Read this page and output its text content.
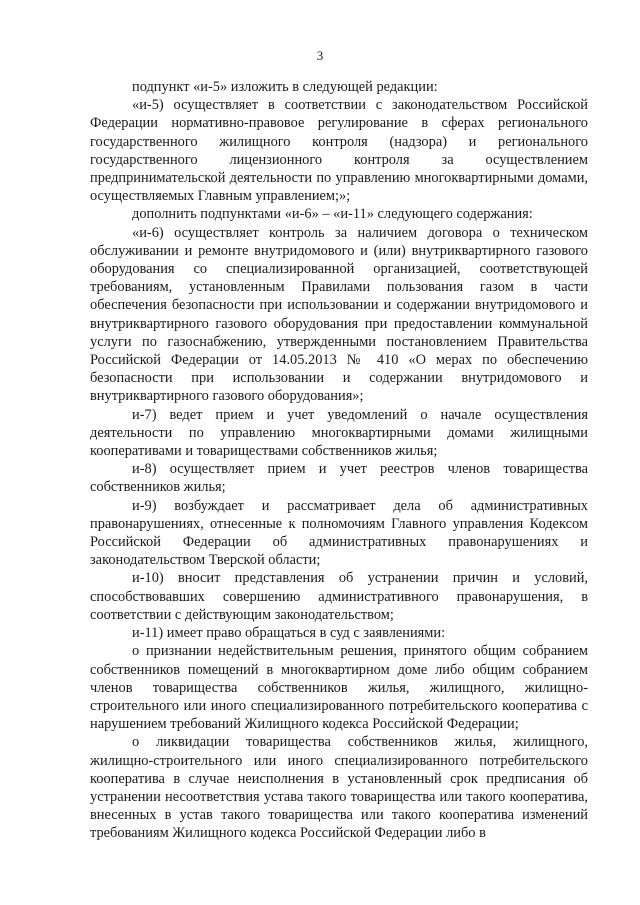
3

подпункт «и-5» изложить в следующей редакции:

«и-5) осуществляет в соответствии с законодательством Российской Федерации нормативно-правовое регулирование в сферах регионального государственного жилищного контроля (надзора) и регионального государственного лицензионного контроля за осуществлением предпринимательской деятельности по управлению многоквартирными домами, осуществляемых Главным управлением;»;

дополнить подпунктами «и-6» – «и-11» следующего содержания:

«и-6) осуществляет контроль за наличием договора о техническом обслуживании и ремонте внутридомового и (или) внутриквартирного газового оборудования со специализированной организацией, соответствующей требованиям, установленным Правилами пользования газом в части обеспечения безопасности при использовании и содержании внутридомового и внутриквартирного газового оборудования при предоставлении коммунальной услуги по газоснабжению, утвержденными постановлением Правительства Российской Федерации от 14.05.2013 № 410 «О мерах по обеспечению безопасности при использовании и содержании внутридомового и внутриквартирного газового оборудования»;

и-7) ведет прием и учет уведомлений о начале осуществления деятельности по управлению многоквартирными домами жилищными кооперативами и товариществами собственников жилья;

и-8) осуществляет прием и учет реестров членов товарищества собственников жилья;

и-9) возбуждает и рассматривает дела об административных правонарушениях, отнесенные к полномочиям Главного управления Кодексом Российской Федерации об административных правонарушениях и законодательством Тверской области;

и-10) вносит представления об устранении причин и условий, способствовавших совершению административного правонарушения, в соответствии с действующим законодательством;

и-11) имеет право обращаться в суд с заявлениями:

о признании недействительным решения, принятого общим собранием собственников помещений в многоквартирном доме либо общим собранием членов товарищества собственников жилья, жилищного, жилищно-строительного или иного специализированного потребительского кооператива с нарушением требований Жилищного кодекса Российской Федерации;

о ликвидации товарищества собственников жилья, жилищного, жилищно-строительного или иного специализированного потребительского кооператива в случае неисполнения в установленный срок предписания об устранении несоответствия устава такого товарищества или такого кооператива, внесенных в устав такого товарищества или такого кооператива изменений требованиям Жилищного кодекса Российской Федерации либо в
